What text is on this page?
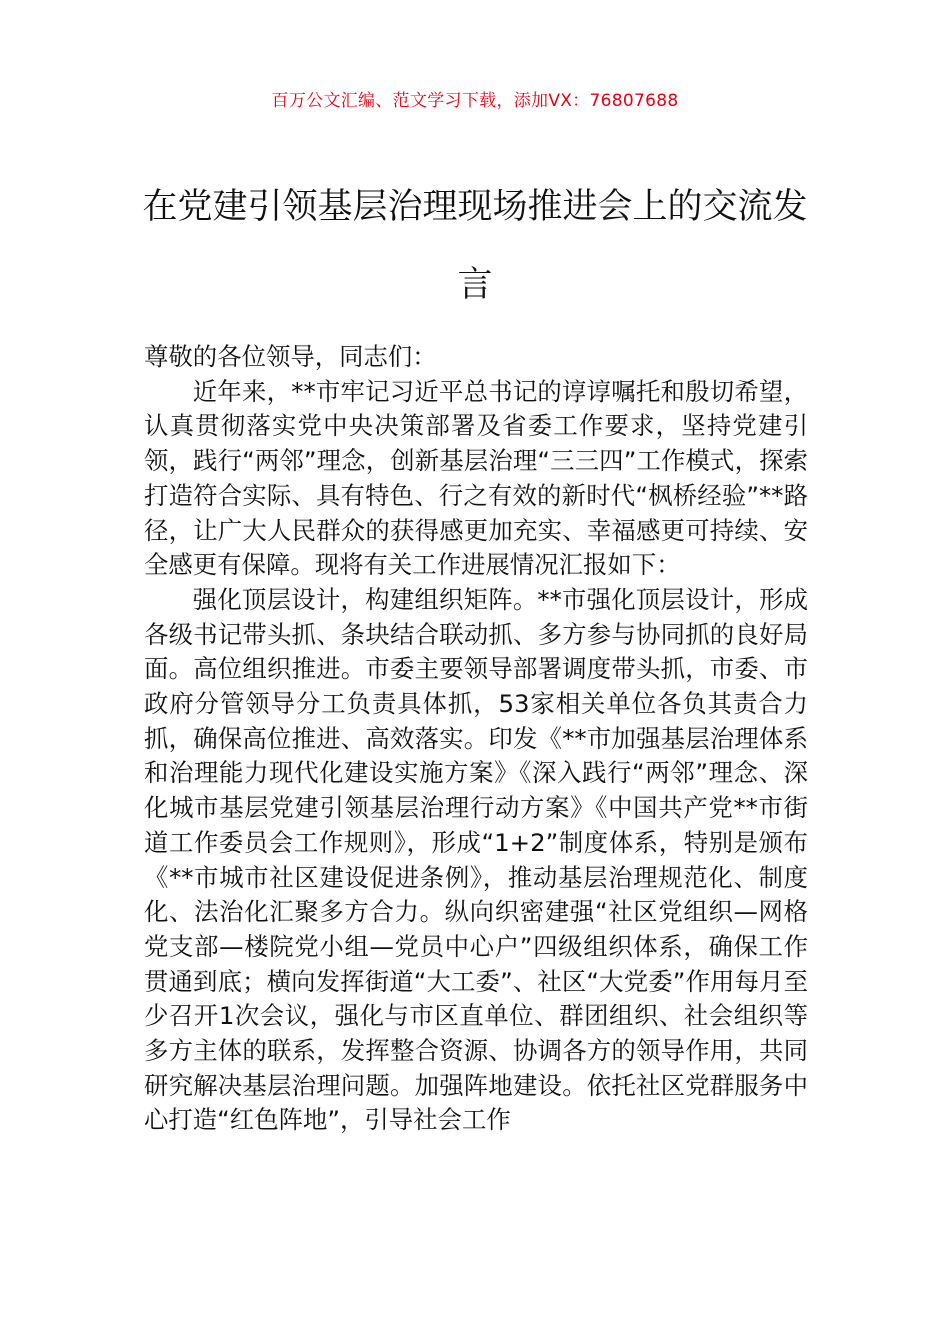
百万公文汇编、范文学习下载，添加VX：76807688
在党建引领基层治理现场推进会上的交流发言

尊敬的各位领导，同志们：

近年来，**市牢记习近平总书记的谆谆嘱托和殷切希望，认真贯彻落实党中央决策部署及省委工作要求，坚持党建引领，践行“两邻”理念，创新基层治理“三三四”工作模式，探索打造符合实际、具有特色、行之有效的新时代“枫桥经验”**路径，让广大人民群众的获得感更加充实、幸福感更可持续、安全感更有保障。现将有关工作进展情况汇报如下：

强化顶层设计，构建组织矩阵。**市强化顶层设计，形成各级书记带头抓、条块结合联动抓、多方参与协同抓的良好局面。高位组织推进。市委主要领导部署调度带头抓，市委、市政府分管领导分工负责具体抓，53家相关单位各负其责合力抓，确保高位推进、高效落实。印发《**市加强基层治理体系和治理能力现代化建设实施方案》《深入践行“两邻”理念、深化城市基层党建引领基层治理行动方案》《中国共产党**市街道工作委员会工作规则》，形成“1+2”制度体系，特别是颁布《**市城市社区建设促进条例》，推动基层治理规范化、制度化、法治化汇聚多方合力。纵向织密建强“社区党组织—网格党支部—楼院党小组—党员中心户”四级组织体系，确保工作贯通到底；横向发挥街道“大工委”、社区“大党委”作用每月至少召开1次会议，强化与市区直单位、群团组织、社会组织等多方主体的联系，发挥整合资源、协调各方的领导作用，共同研究解决基层治理问题。加强阵地建设。依托社区党群服务中心打造“红色阵地”，引导社会工作
